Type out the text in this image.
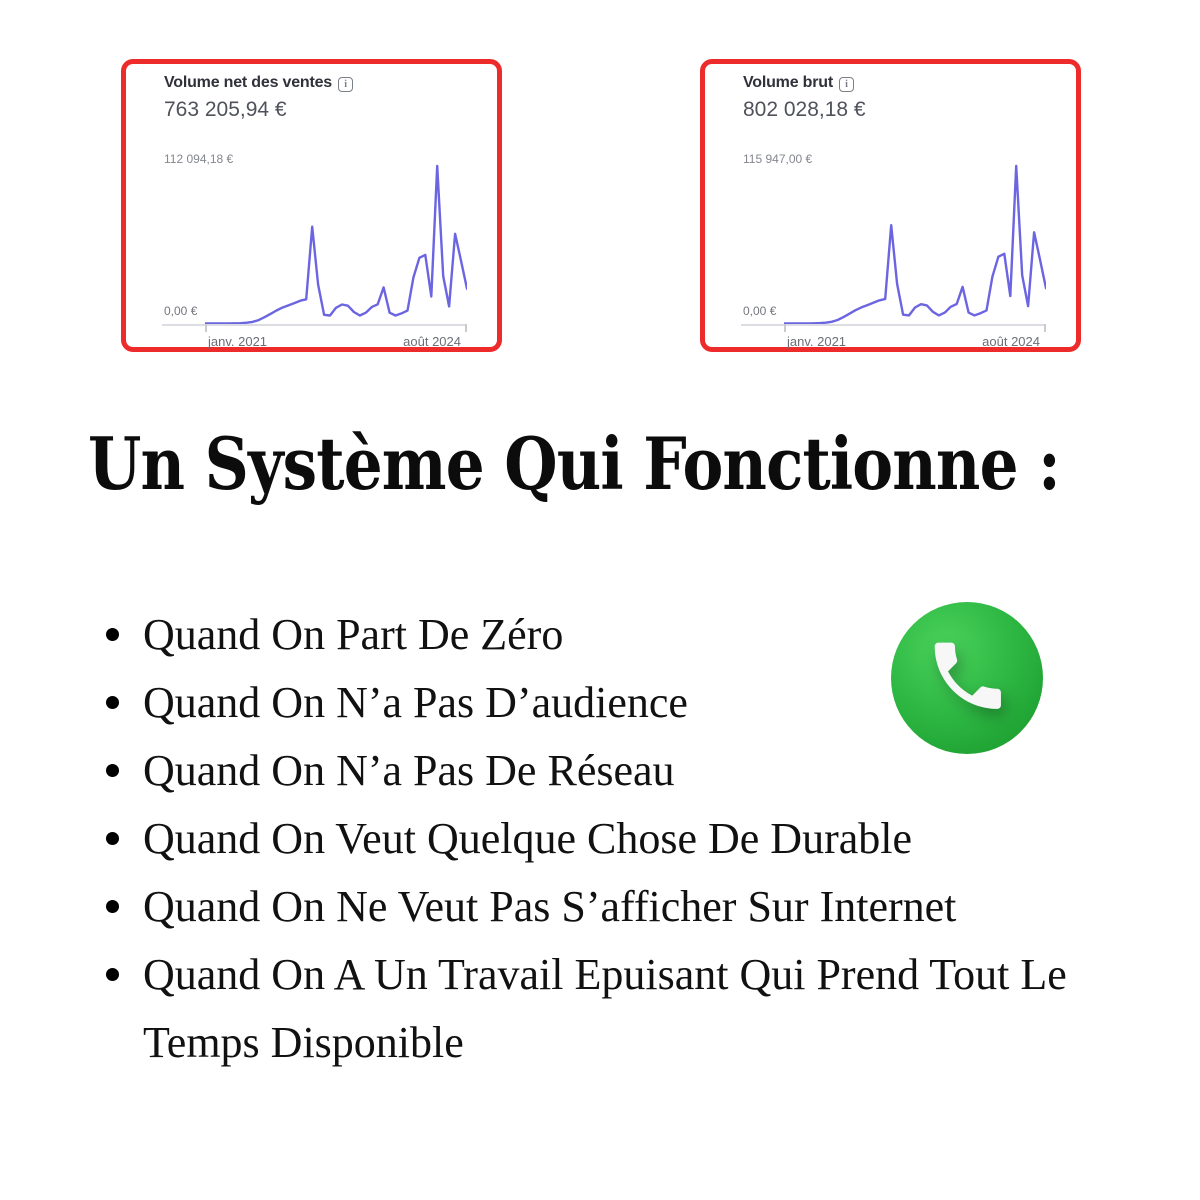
Volume net des ventes	i
763 205,94 €
112 094,18 €
0,00 €
janv. 2021	août 2024
Volume brut	i
802 028,18 €
115 947,00 €
0,00 €
janv. 2021	août 2024
Un Système Qui Fonctionne :
Quand On Part De Zéro
Quand On N’a Pas D’audience
Quand On N’a Pas De Réseau
Quand On Veut Quelque Chose De Durable
Quand On Ne Veut Pas S’afficher Sur Internet
Quand On A Un Travail Epuisant Qui Prend Tout Le Temps Disponible
